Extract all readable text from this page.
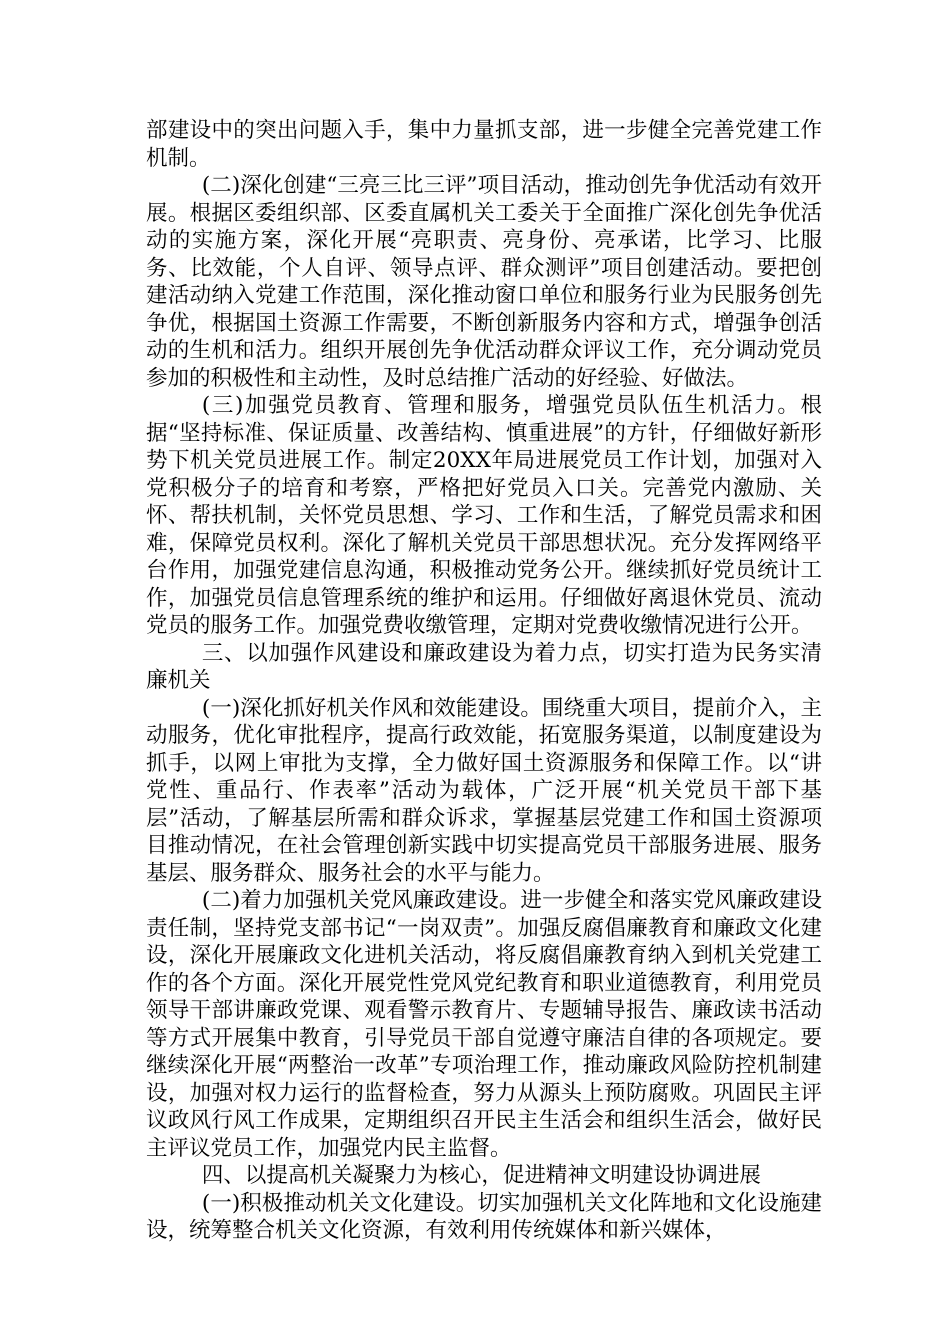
部建设中的突出问题入手，集中力量抓支部，进一步健全完善党建工作机制。

(二)深化创建“三亮三比三评”项目活动，推动创先争优活动有效开展。根据区委组织部、区委直属机关工委关于全面推广深化创先争优活动的实施方案，深化开展“亮职责、亮身份、亮承诺，比学习、比服务、比效能，个人自评、领导点评、群众测评”项目创建活动。要把创建活动纳入党建工作范围，深化推动窗口单位和服务行业为民服务创先争优，根据国土资源工作需要，不断创新服务内容和方式，增强争创活动的生机和活力。组织开展创先争优活动群众评议工作，充分调动党员参加的积极性和主动性，及时总结推广活动的好经验、好做法。

(三)加强党员教育、管理和服务，增强党员队伍生机活力。根据“坚持标准、保证质量、改善结构、慎重进展”的方针，仔细做好新形势下机关党员进展工作。制定20XX年局进展党员工作计划，加强对入党积极分子的培育和考察，严格把好党员入口关。完善党内激励、关怀、帮扶机制，关怀党员思想、学习、工作和生活，了解党员需求和困难，保障党员权利。深化了解机关党员干部思想状况。充分发挥网络平台作用，加强党建信息沟通，积极推动党务公开。继续抓好党员统计工作，加强党员信息管理系统的维护和运用。仔细做好离退休党员、流动党员的服务工作。加强党费收缴管理，定期对党费收缴情况进行公开。

三、以加强作风建设和廉政建设为着力点，切实打造为民务实清廉机关

(一)深化抓好机关作风和效能建设。围绕重大项目，提前介入，主动服务，优化审批程序，提高行政效能，拓宽服务渠道，以制度建设为抓手，以网上审批为支撑，全力做好国土资源服务和保障工作。以“讲党性、重品行、作表率”活动为载体，广泛开展“机关党员干部下基层”活动，了解基层所需和群众诉求，掌握基层党建工作和国土资源项目推动情况，在社会管理创新实践中切实提高党员干部服务进展、服务基层、服务群众、服务社会的水平与能力。

(二)着力加强机关党风廉政建设。进一步健全和落实党风廉政建设责任制，坚持党支部书记“一岗双责”。加强反腐倡廉教育和廉政文化建设，深化开展廉政文化进机关活动，将反腐倡廉教育纳入到机关党建工作的各个方面。深化开展党性党风党纪教育和职业道德教育，利用党员领导干部讲廉政党课、观看警示教育片、专题辅导报告、廉政读书活动等方式开展集中教育，引导党员干部自觉遵守廉洁自律的各项规定。要继续深化开展“两整治一改革”专项治理工作，推动廉政风险防控机制建设，加强对权力运行的监督检查，努力从源头上预防腐败。巩固民主评议政风行风工作成果，定期组织召开民主生活会和组织生活会，做好民主评议党员工作，加强党内民主监督。

四、以提高机关凝聚力为核心，促进精神文明建设协调进展

(一)积极推动机关文化建设。切实加强机关文化阵地和文化设施建设，统筹整合机关文化资源，有效利用传统媒体和新兴媒体，
